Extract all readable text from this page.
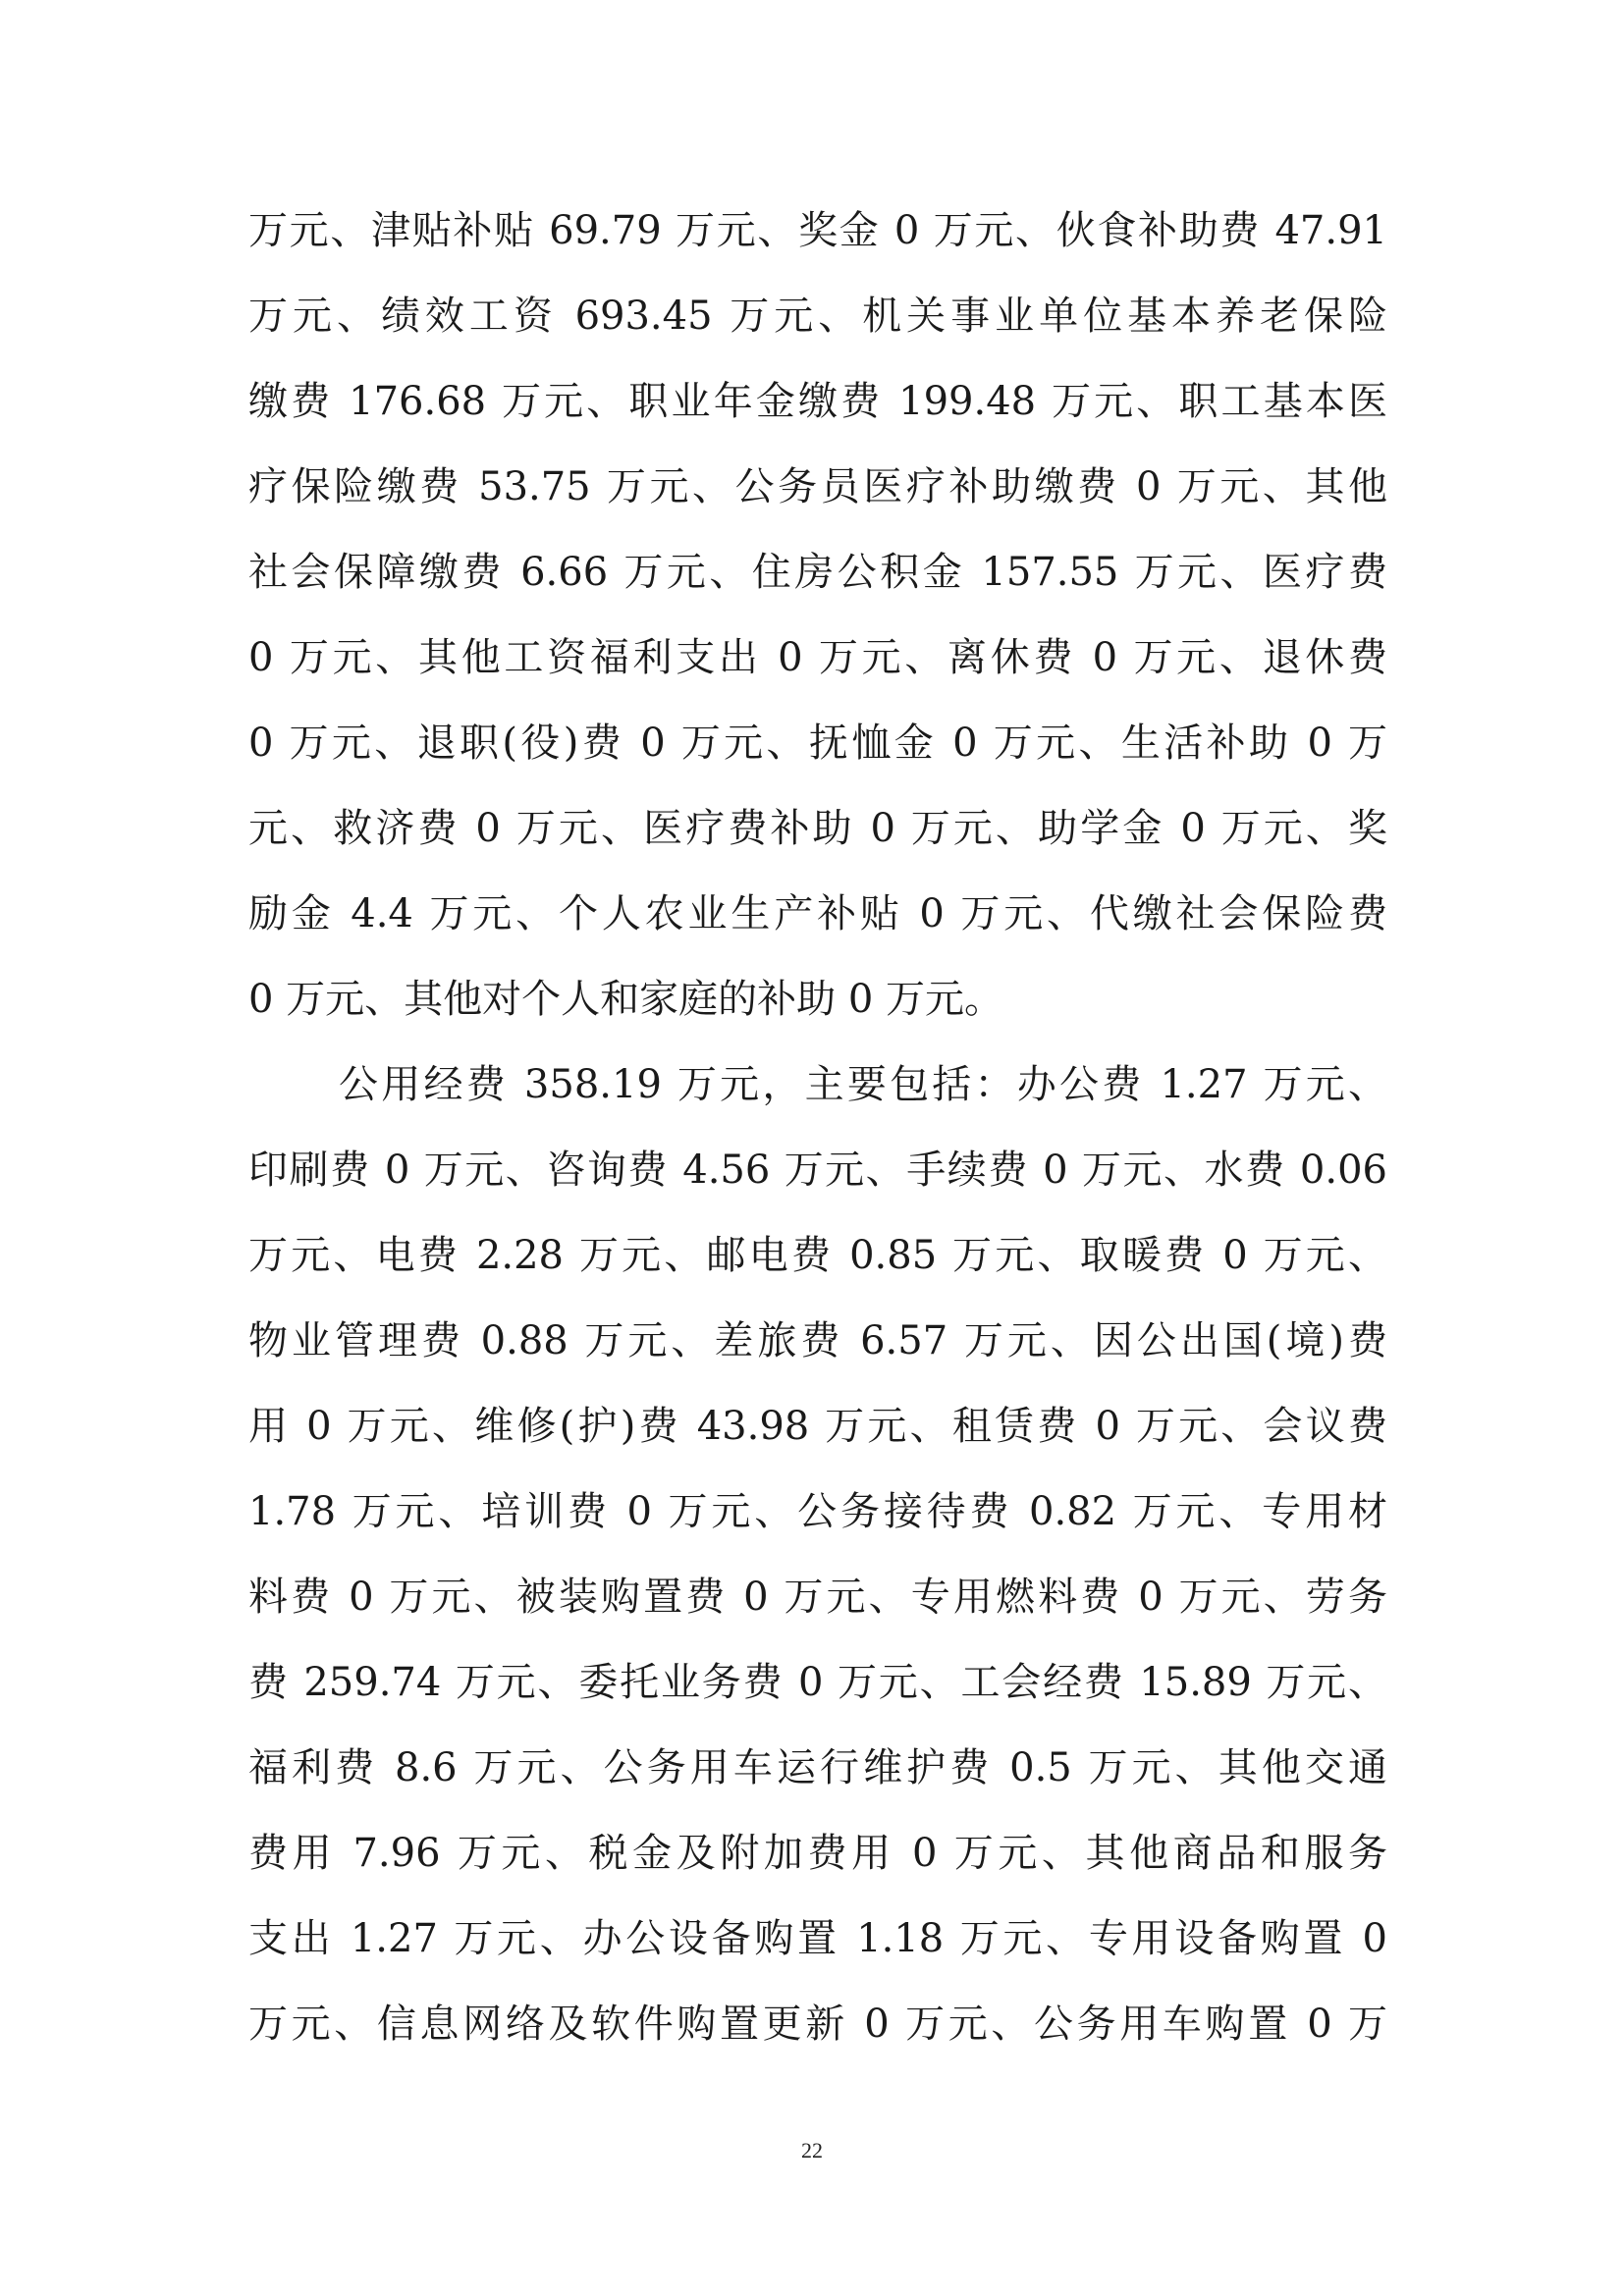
万元、津贴补贴 69.79 万元、奖金 0 万元、伙食补助费 47.91
万元、绩效工资 693.45 万元、机关事业单位基本养老保险
缴费 176.68 万元、职业年金缴费 199.48 万元、职工基本医
疗保险缴费 53.75 万元、公务员医疗补助缴费 0 万元、其他
社会保障缴费 6.66 万元、住房公积金 157.55 万元、医疗费
0 万元、其他工资福利支出 0 万元、离休费 0 万元、退休费
0 万元、退职(役)费 0 万元、抚恤金 0 万元、生活补助 0 万
元、救济费 0 万元、医疗费补助 0 万元、助学金 0 万元、奖
励金 4.4 万元、个人农业生产补贴 0 万元、代缴社会保险费
0 万元、其他对个人和家庭的补助 0 万元。
公用经费 358.19 万元，主要包括：办公费 1.27 万元、
印刷费 0 万元、咨询费 4.56 万元、手续费 0 万元、水费 0.06
万元、电费 2.28 万元、邮电费 0.85 万元、取暖费 0 万元、
物业管理费 0.88 万元、差旅费 6.57 万元、因公出国(境)费
用 0 万元、维修(护)费 43.98 万元、租赁费 0 万元、会议费
1.78 万元、培训费 0 万元、公务接待费 0.82 万元、专用材
料费 0 万元、被装购置费 0 万元、专用燃料费 0 万元、劳务
费 259.74 万元、委托业务费 0 万元、工会经费 15.89 万元、
福利费 8.6 万元、公务用车运行维护费 0.5 万元、其他交通
费用 7.96 万元、税金及附加费用 0 万元、其他商品和服务
支出 1.27 万元、办公设备购置 1.18 万元、专用设备购置 0
万元、信息网络及软件购置更新 0 万元、公务用车购置 0 万
22
